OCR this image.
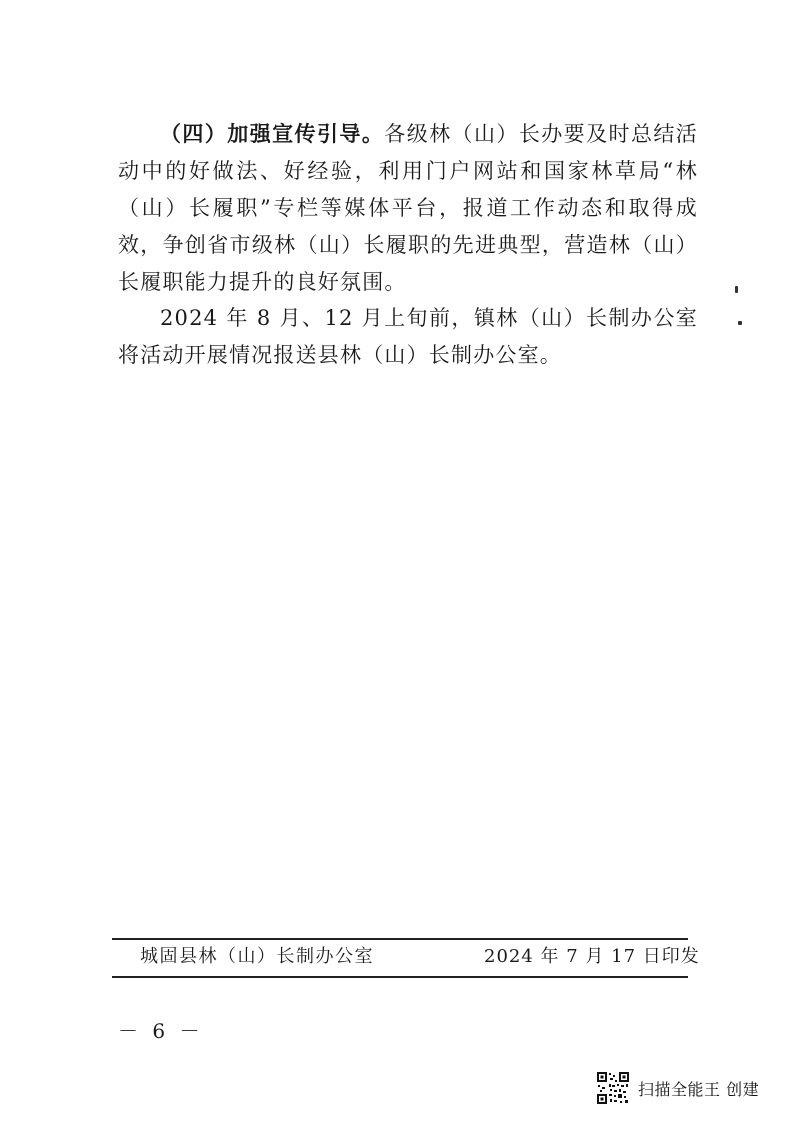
（四）加强宣传引导。各级林（山）长办要及时总结活动中的好做法、好经验，利用门户网站和国家林草局“林（山）长履职”专栏等媒体平台，报道工作动态和取得成效，争创省市级林（山）长履职的先进典型，营造林（山）长履职能力提升的良好氛围。

2024 年 8 月、12 月上旬前，镇林（山）长制办公室将活动开展情况报送县林（山）长制办公室。

城固县林（山）长制办公室	2024 年 7 月 17 日印发
－ 6 －
扫描全能王 创建
